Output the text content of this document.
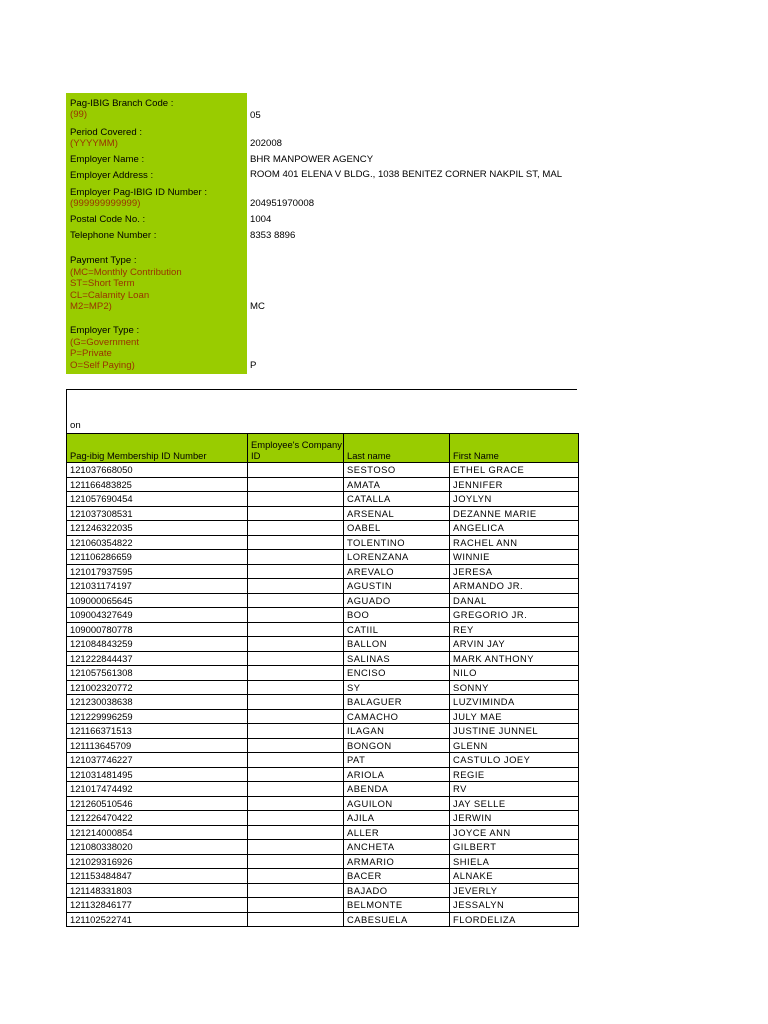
Pag-IBIG Branch Code :
(99)	05
Period Covered :
(YYYYMM)	202008
Employer Name :	BHR MANPOWER AGENCY
Employer Address :	ROOM 401 ELENA V BLDG., 1038 BENITEZ CORNER NAKPIL ST, MAL
Employer Pag-IBIG ID Number :
(999999999999)	204951970008
Postal Code No. :	1004
Telephone Number :	8353 8896
Payment Type :
(MC=Monthly Contribution
ST=Short Term
CL=Calamity Loan
M2=MP2)	MC
Employer Type :
(G=Government
P=Private
O=Self Paying)	P
on
Pag-ibig Membership ID Number	Employee's Company ID	Last name	First Name
121037668050		SESTOSO	ETHEL GRACE
121166483825		AMATA	JENNIFER
121057690454		CATALLA	JOYLYN
121037308531		ARSENAL	DEZANNE MARIE
121246322035		OABEL	ANGELICA
121060354822		TOLENTINO	RACHEL ANN
121106286659		LORENZANA	WINNIE
121017937595		AREVALO	JERESA
121031174197		AGUSTIN	ARMANDO JR.
109000065645		AGUADO	DANAL
109004327649		BOO	GREGORIO JR.
109000780778		CATIIL	REY
121084843259		BALLON	ARVIN JAY
121222844437		SALINAS	MARK ANTHONY
121057561308		ENCISO	NILO
121002320772		SY	SONNY
121230038638		BALAGUER	LUZVIMINDA
121229996259		CAMACHO	JULY MAE
121166371513		ILAGAN	JUSTINE JUNNEL
121113645709		BONGON	GLENN
121037746227		PAT	CASTULO JOEY
121031481495		ARIOLA	REGIE
121017474492		ABENDA	RV
121260510546		AGUILON	JAY SELLE
121226470422		AJILA	JERWIN
121214000854		ALLER	JOYCE ANN
121080338020		ANCHETA	GILBERT
121029316926		ARMARIO	SHIELA
121153484847		BACER	ALNAKE
121148331803		BAJADO	JEVERLY
121132846177		BELMONTE	JESSALYN
121102522741		CABESUELA	FLORDELIZA
